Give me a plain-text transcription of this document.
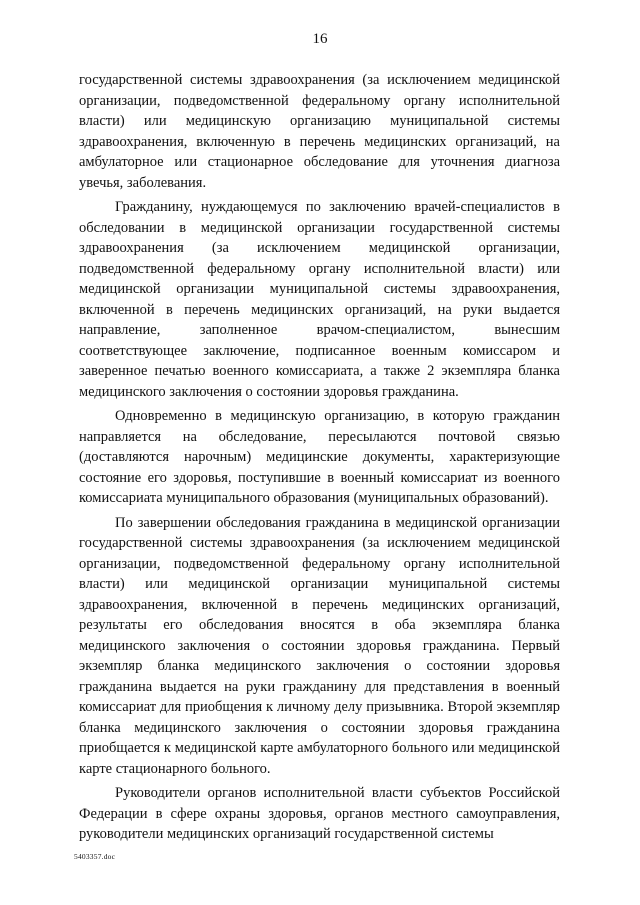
16

государственной системы здравоохранения (за исключением медицинской организации, подведомственной федеральному органу исполнительной власти) или медицинскую организацию муниципальной системы здравоохранения, включенную в перечень медицинских организаций, на амбулаторное или стационарное обследование для уточнения диагноза увечья, заболевания.

Гражданину, нуждающемуся по заключению врачей-специалистов в обследовании в медицинской организации государственной системы здравоохранения (за исключением медицинской организации, подведомственной федеральному органу исполнительной власти) или медицинской организации муниципальной системы здравоохранения, включенной в перечень медицинских организаций, на руки выдается направление, заполненное врачом-специалистом, вынесшим соответствующее заключение, подписанное военным комиссаром и заверенное печатью военного комиссариата, а также 2 экземпляра бланка медицинского заключения о состоянии здоровья гражданина.

Одновременно в медицинскую организацию, в которую гражданин направляется на обследование, пересылаются почтовой связью (доставляются нарочным) медицинские документы, характеризующие состояние его здоровья, поступившие в военный комиссариат из военного комиссариата муниципального образования (муниципальных образований).

По завершении обследования гражданина в медицинской организации государственной системы здравоохранения (за исключением медицинской организации, подведомственной федеральному органу исполнительной власти) или медицинской организации муниципальной системы здравоохранения, включенной в перечень медицинских организаций, результаты его обследования вносятся в оба экземпляра бланка медицинского заключения о состоянии здоровья гражданина. Первый экземпляр бланка медицинского заключения о состоянии здоровья гражданина выдается на руки гражданину для представления в военный комиссариат для приобщения к личному делу призывника. Второй экземпляр бланка медицинского заключения о состоянии здоровья гражданина приобщается к медицинской карте амбулаторного больного или медицинской карте стационарного больного.

Руководители органов исполнительной власти субъектов Российской Федерации в сфере охраны здоровья, органов местного самоуправления, руководители медицинских организаций государственной системы

5403357.doc
